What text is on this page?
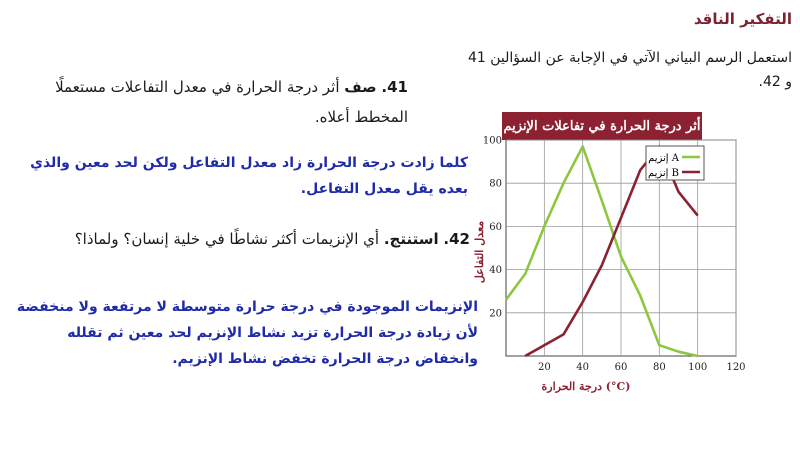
التفكير الناقد
استعمل الرسم البياني الآتي في الإجابة عن السؤالين 41 و 42.
41. صف أثر درجة الحرارة في معدل التفاعلات مستعملًا المخطط أعلاه.
كلما زادت درجة الحرارة زاد معدل التفاعل ولكن لحد معين والذي بعده يقل معدل التفاعل.
42. استنتج. أي الإنزيمات أكثر نشاطًا في خلية إنسان؟ ولماذا؟
الإنزيمات الموجودة في درجة حرارة متوسطة لا مرتفعة ولا منخفضة لأن زيادة درجة الحرارة تزيد نشاط الإنزيم لحد معين ثم تقلله وانخفاض درجة الحرارة تخفض نشاط الإنزيم.
أثر درجة الحرارة في تفاعلات الإنزيم
20
40
60
80
100
20	40	60	80 100 120
إنزيم A
إنزيم B
درجة الحرارة (°C)
معدل التفاعل
